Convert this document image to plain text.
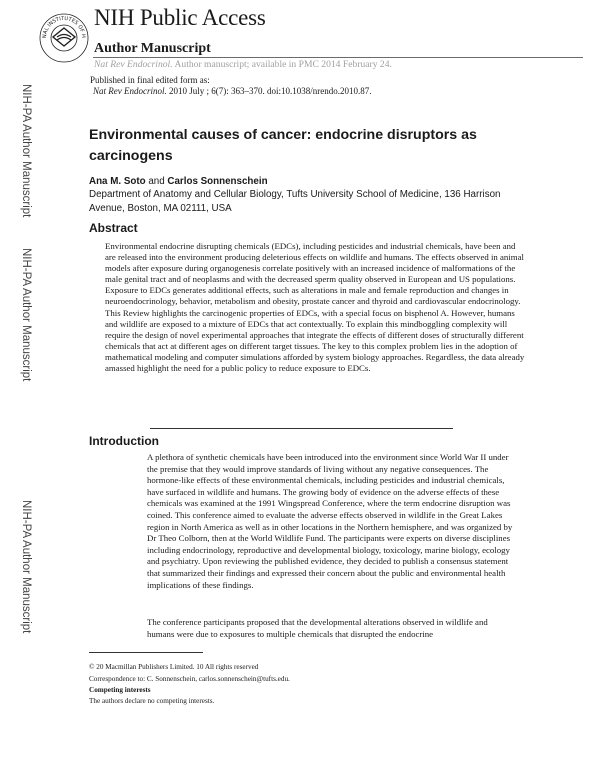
NAL INSTITUTES OF H
NIH Public Access
Author Manuscript
Nat Rev Endocrinol. Author manuscript; available in PMC 2014 February 24.
Published in final edited form as:
Nat Rev Endocrinol. 2010 July ; 6(7): 363–370. doi:10.1038/nrendo.2010.87.
NIH-PA Author Manuscript
NIH-PA Author Manuscript
NIH-PA Author Manuscript
Environmental causes of cancer: endocrine disruptors as carcinogens
Ana M. Soto and Carlos Sonnenschein
Department of Anatomy and Cellular Biology, Tufts University School of Medicine, 136 Harrison Avenue, Boston, MA 02111, USA
Abstract
Environmental endocrine disrupting chemicals (EDCs), including pesticides and industrial chemicals, have been and are released into the environment producing deleterious effects on wildlife and humans. The effects observed in animal models after exposure during organogenesis correlate positively with an increased incidence of malformations of the male genital tract and of neoplasms and with the decreased sperm quality observed in European and US populations. Exposure to EDCs generates additional effects, such as alterations in male and female reproduction and changes in neuroendocrinology, behavior, metabolism and obesity, prostate cancer and thyroid and cardiovascular endocrinology. This Review highlights the carcinogenic properties of EDCs, with a special focus on bisphenol A. However, humans and wildlife are exposed to a mixture of EDCs that act contextually. To explain this mindboggling complexity will require the design of novel experimental approaches that integrate the effects of different doses of structurally different chemicals that act at different ages on different target tissues. The key to this complex problem lies in the adoption of mathematical modeling and computer simulations afforded by system biology approaches. Regardless, the data already amassed highlight the need for a public policy to reduce exposure to EDCs.
Introduction
A plethora of synthetic chemicals have been introduced into the environment since World War II under the premise that they would improve standards of living without any negative consequences. The hormone-like effects of these environmental chemicals, including pesticides and industrial chemicals, have surfaced in wildlife and humans. The growing body of evidence on the adverse effects of these chemicals was examined at the 1991 Wingspread Conference, where the term endocrine disruption was coined. This conference aimed to evaluate the adverse effects observed in wildlife in the Great Lakes region in North America as well as in other locations in the Northern hemisphere, and was organized by Dr Theo Colborn, then at the World Wildlife Fund. The participants were experts on diverse disciplines including endocrinology, reproductive and developmental biology, toxicology, marine biology, ecology and psychiatry. Upon reviewing the published evidence, they decided to publish a consensus statement that summarized their findings and expressed their concern about the public and environmental health implications of these findings.
The conference participants proposed that the developmental alterations observed in wildlife and humans were due to exposures to multiple chemicals that disrupted the endocrine
© 20 Macmillan Publishers Limited. 10 All rights reserved
Correspondence to: C. Sonnenschein, carlos.sonnenschein@tufts.edu.
Competing interests
The authors declare no competing interests.
